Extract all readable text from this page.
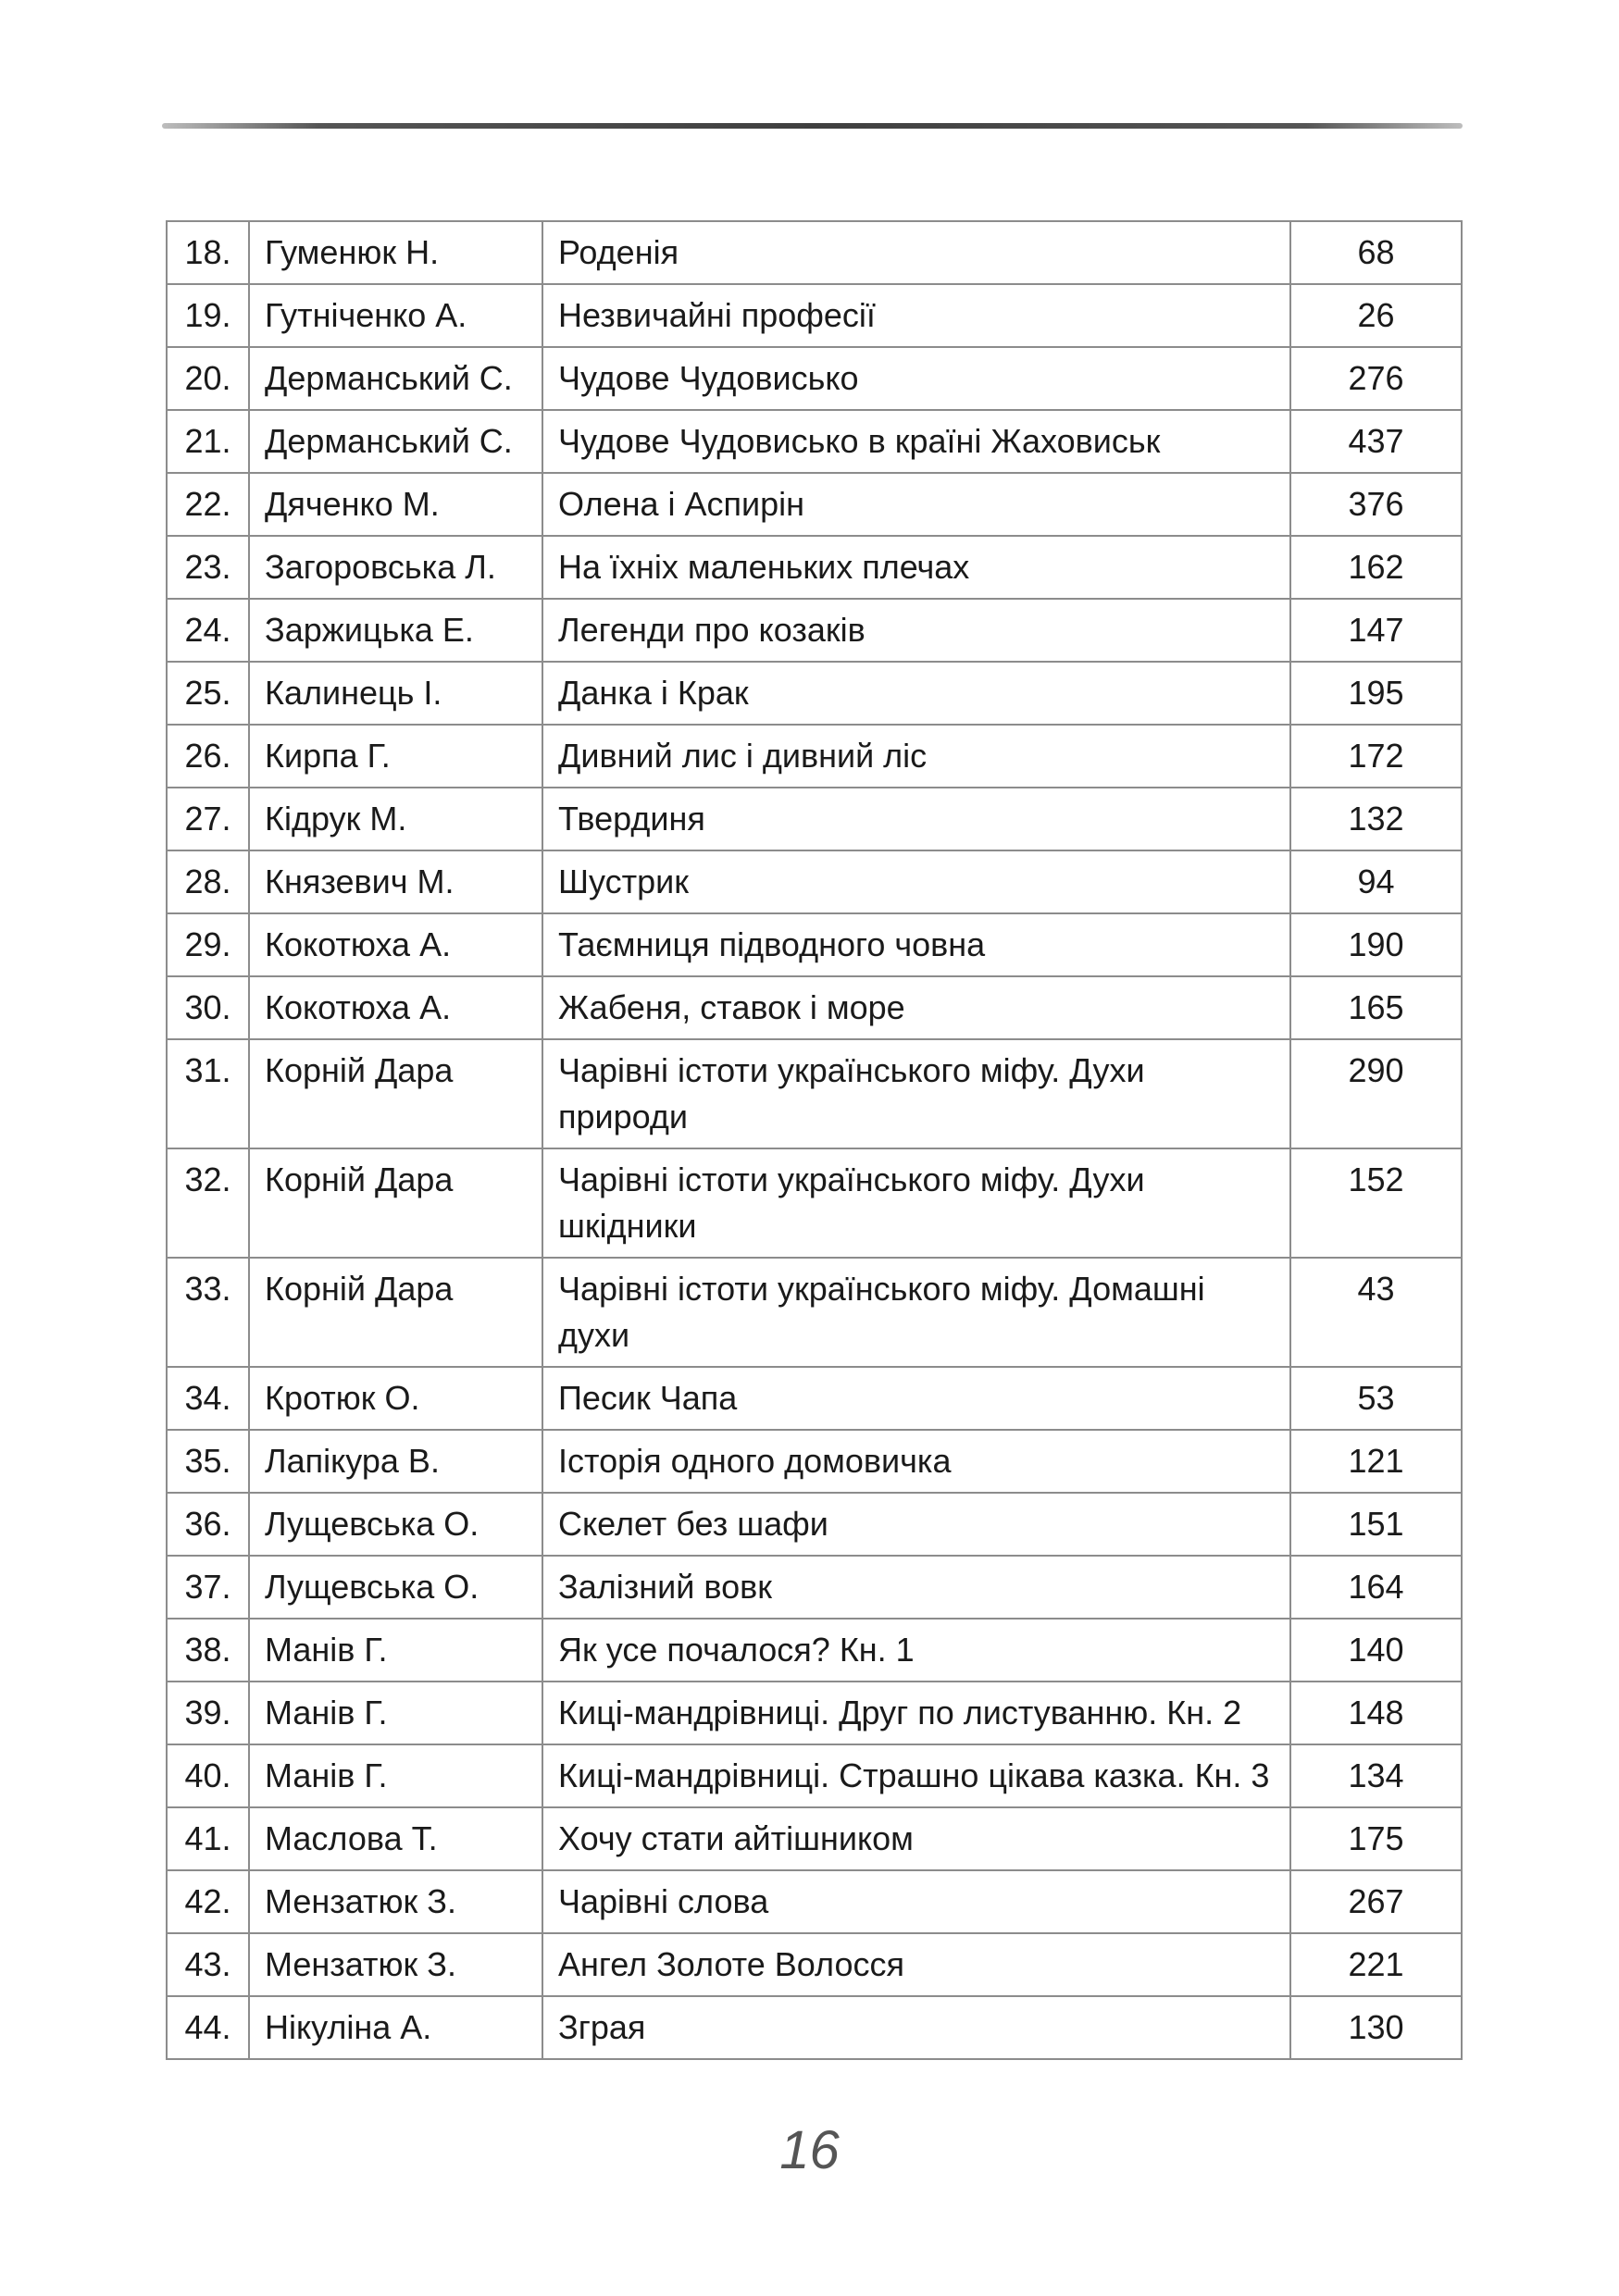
18.	Гуменюк Н.	Роденія	68
19.	Гутніченко А.	Незвичайні професії	26
20.	Дерманський С.	Чудове Чудовисько	276
21.	Дерманський С.	Чудове Чудовисько в країні Жаховиськ	437
22.	Дяченко М.	Олена і Аспирін	376
23.	Загоровська Л.	На їхніх маленьких плечах	162
24.	Заржицька Е.	Легенди про козаків	147
25.	Калинець І.	Данка і Крак	195
26.	Кирпа Г.	Дивний лис і дивний ліс	172
27.	Кідрук М.	Твердиня	132
28.	Князевич М.	Шустрик	94
29.	Кокотюха А.	Таємниця підводного човна	190
30.	Кокотюха А.	Жабеня, ставок і море	165
31.	Корній Дара	Чарівні істоти українського міфу. Духи природи	290
32.	Корній Дара	Чарівні істоти українського міфу. Духи шкідники	152
33.	Корній Дара	Чарівні істоти українського міфу. Домашні духи	43
34.	Кротюк О.	Песик Чапа	53
35.	Лапікура В.	Історія одного домовичка	121
36.	Лущевська О.	Скелет без шафи	151
37.	Лущевська О.	Залізний вовк	164
38.	Манів Г.	Як усе почалося? Кн. 1	140
39.	Манів Г.	Киці-мандрівниці. Друг по листуванню. Кн. 2	148
40.	Манів Г.	Киці-мандрівниці. Страшно цікава казка. Кн. 3	134
41.	Маслова Т.	Хочу стати айтішником	175
42.	Мензатюк З.	Чарівні слова	267
43.	Мензатюк З.	Ангел Золоте Волосся	221
44.	Нікуліна А.	Зграя	130
16
